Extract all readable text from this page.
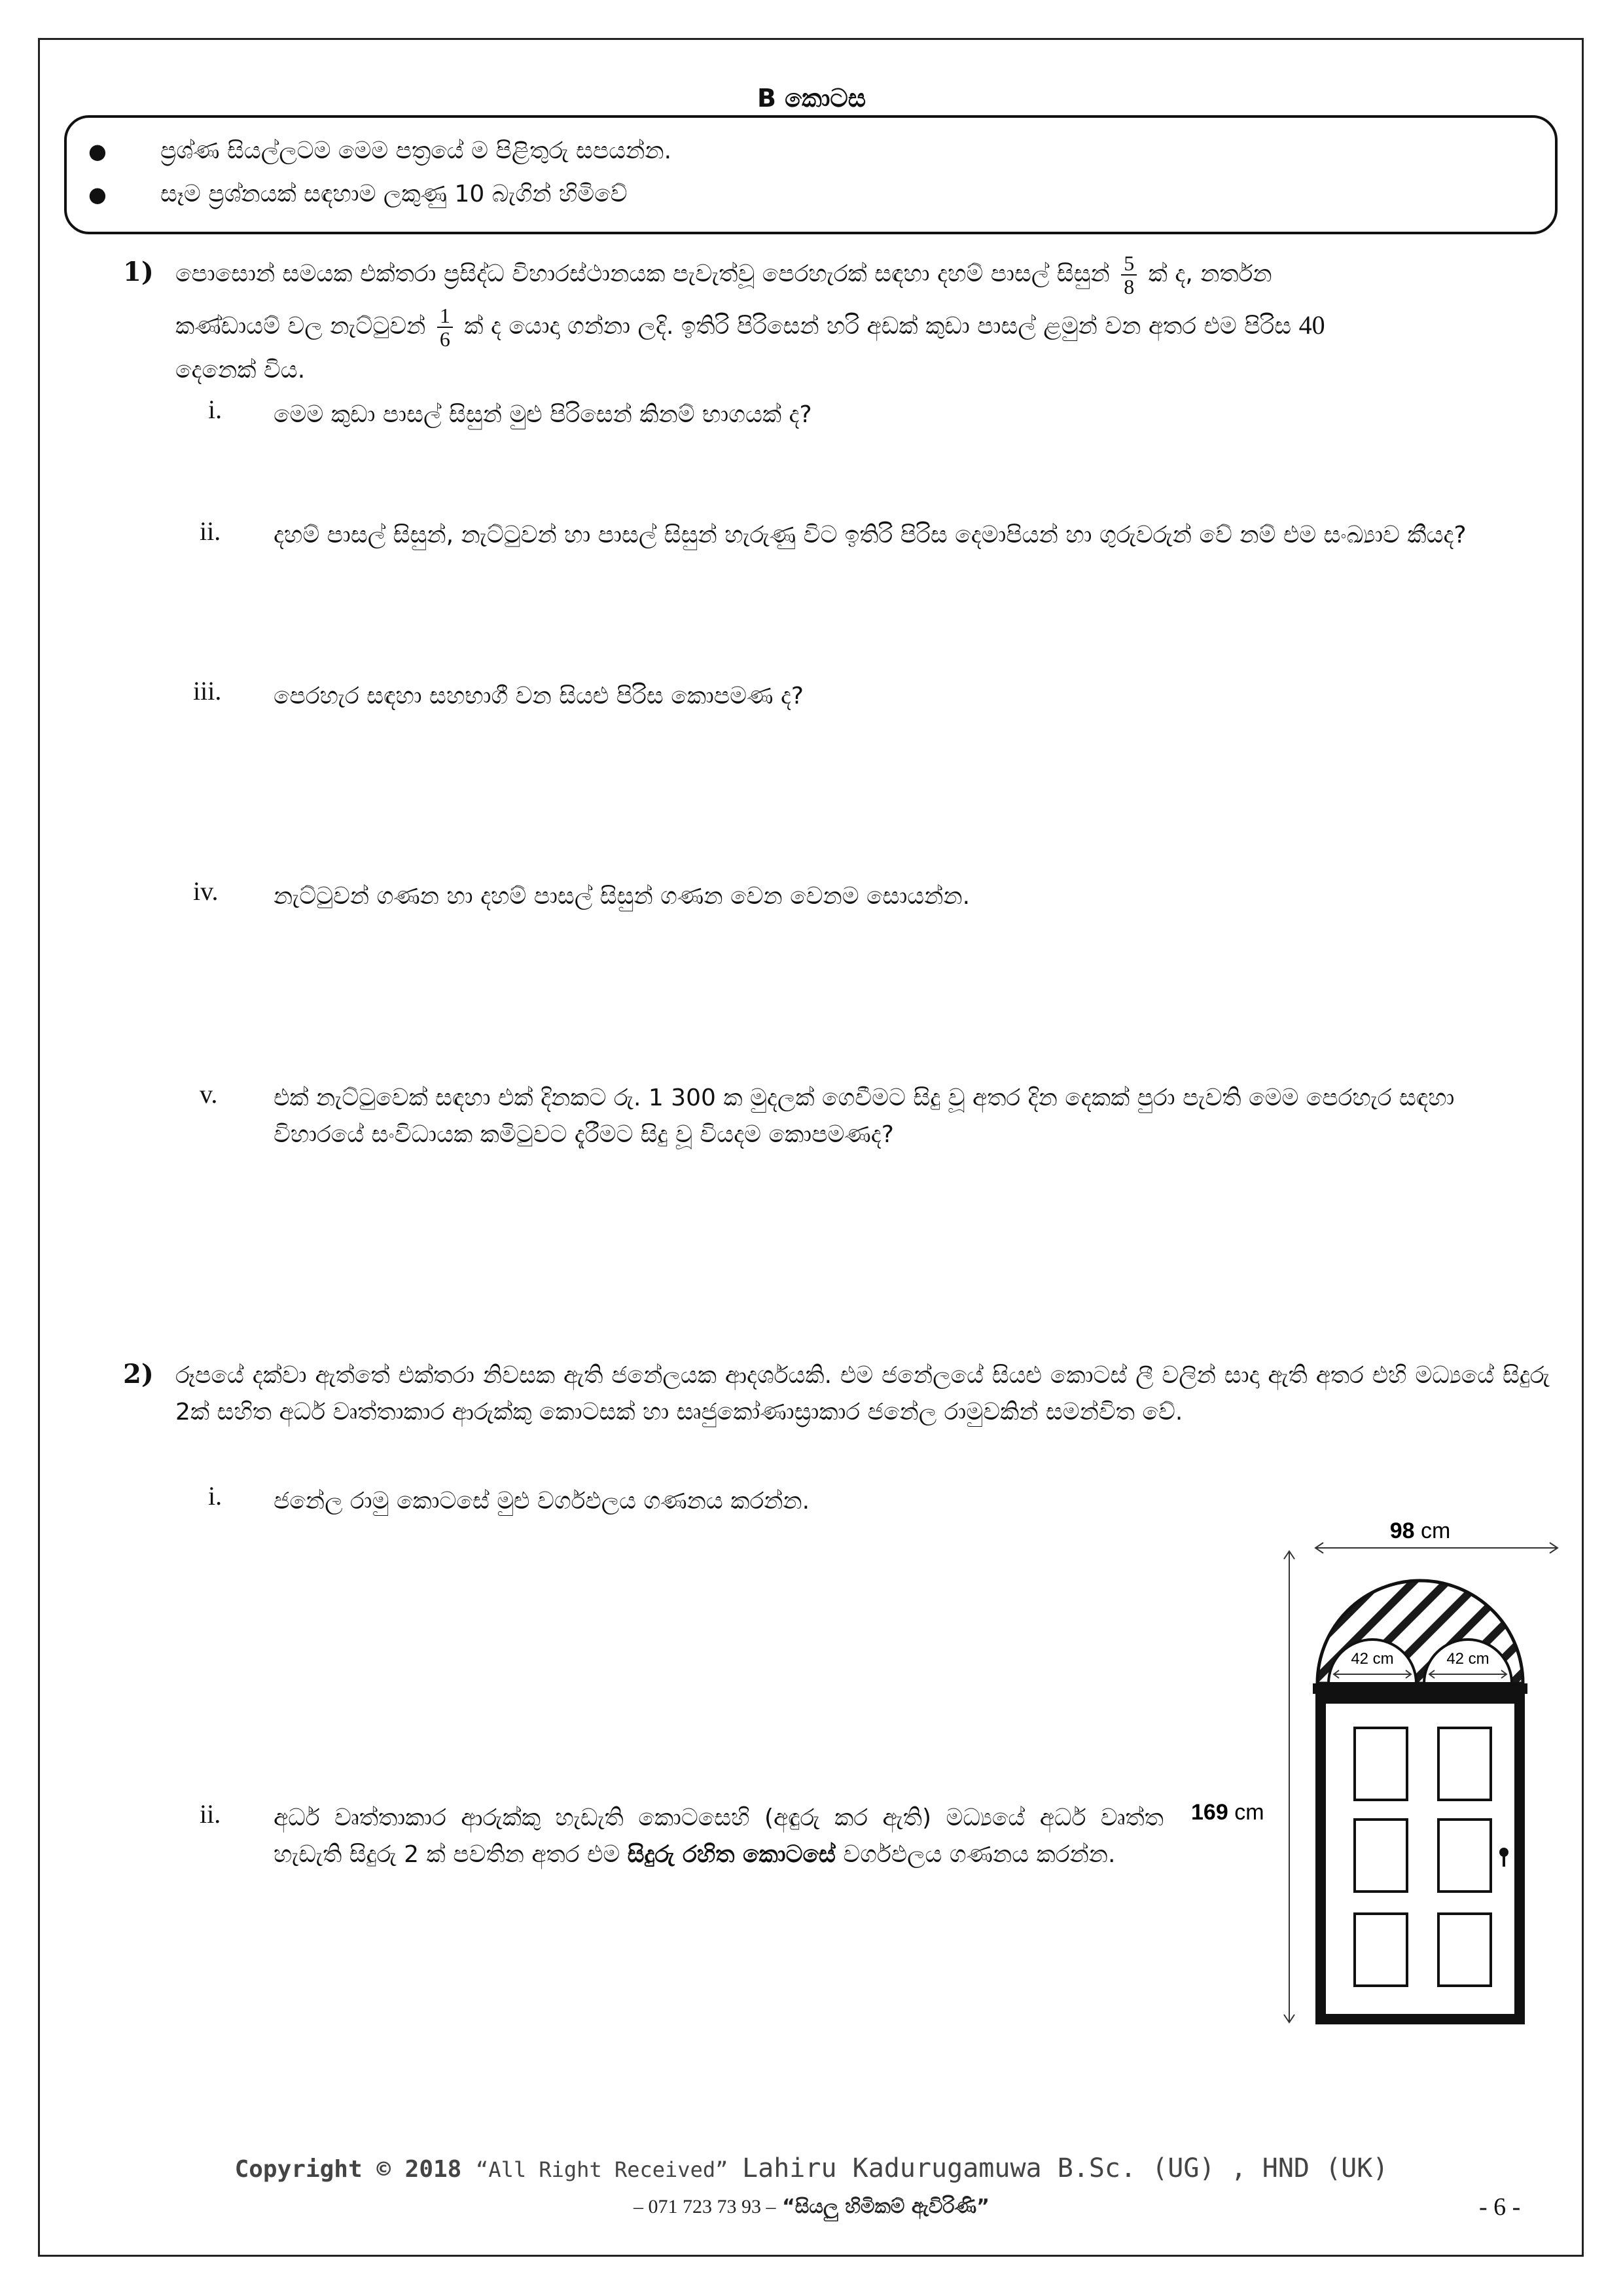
B කොටස
● ප්‍රශ්ණ සියල්ලටම මෙම පත්‍රයේ ම පිළිතුරු සපයන්න.
● සෑම ප්‍රශ්නයක් සඳහාම ලකුණු 10 බැගින් හිමිවේ
1) පොසොන් සමයක එක්තරා ප්‍රසිද්ධ විහාරස්ථානයක පැවැත්වූ පෙරහැරක් සඳහා දහම් පාසල් සිසුන් $\frac{5}{8}$ ක් ද, නර්තන
කණ්ඩායම් වල නැට්ටුවන් $\frac{1}{6}$ ක් ද යොදා ගන්නා ලදි. ඉතිරි පිරිසෙන් හරි අඩක් කුඩා පාසල් ළමුන් වන අතර එම පිරිස 40
දෙනෙක් විය.
i. මෙම කුඩා පාසල් සිසුන් මුළු පිරිසෙන් කිනම් භාගයක් ද?
ii. දහම් පාසල් සිසුන්, නැට්ටුවන් හා පාසල් සිසුන් හැරුණු විට ඉතිරි පිරිස දෙමාපියන් හා ගුරුවරුන් වේ නම් එම සංඛ්‍යාව කීයද?
iii. පෙරහැර සඳහා සහභාගී වන සියළු පිරිස කොපමණ ද?
iv. නැට්ටුවන් ගණන හා දහම් පාසල් සිසුන් ගණන වෙන වෙනම සොයන්න.
v. එක් නැට්ටුවෙක් සඳහා එක් දිනකට රු. 1 300 ක මුදලක් ගෙවීමට සිදු වූ අතර දින දෙකක් පුරා පැවති මෙම පෙරහැර සඳහා විහාරයේ සංවිධායක කමිටුවට දැරීමට සිදු වූ වියදම කොපමණද?
2) රූපයේ දක්වා ඇත්තේ එක්තරා නිවසක ඇති ජනේලයක ආදර්ශයකි. එම ජනේලයේ සියළු කොටස් ලී වලින් සාදා ඇති අතර එහි මධ්‍යයේ සිදුරු 2ක් සහිත අර්ධ වෘත්තාකාර ආරුක්කු කොටසක් හා සෘජුකෝණාස්‍රාකාර ජනේල රාමුවකින් සමන්විත වේ.
i. ජනේල රාමු කොටසේ මුළු වර්ගඵලය ගණනය කරන්න.
ii. අර්ධ වෘත්තාකාර ආරුක්කු හැඩැති කොටසෙහි (අඳුරු කර ඇති) මධ්‍යයේ අර්ධ වෘත්ත හැඩැති සිදුරු 2 ක් පවතින අතර එම සිදුරු රහිත කොටසේ වර්ගඵලය ගණනය කරන්න.
98 cm
169 cm
42 cm	42 cm
Copyright © 2018 “All Right Received” Lahiru Kadurugamuwa B.Sc. (UG) , HND (UK)
– 071 723 73 93 – “සියලු හිමිකම් ඇවිරිණි”	- 6 -
